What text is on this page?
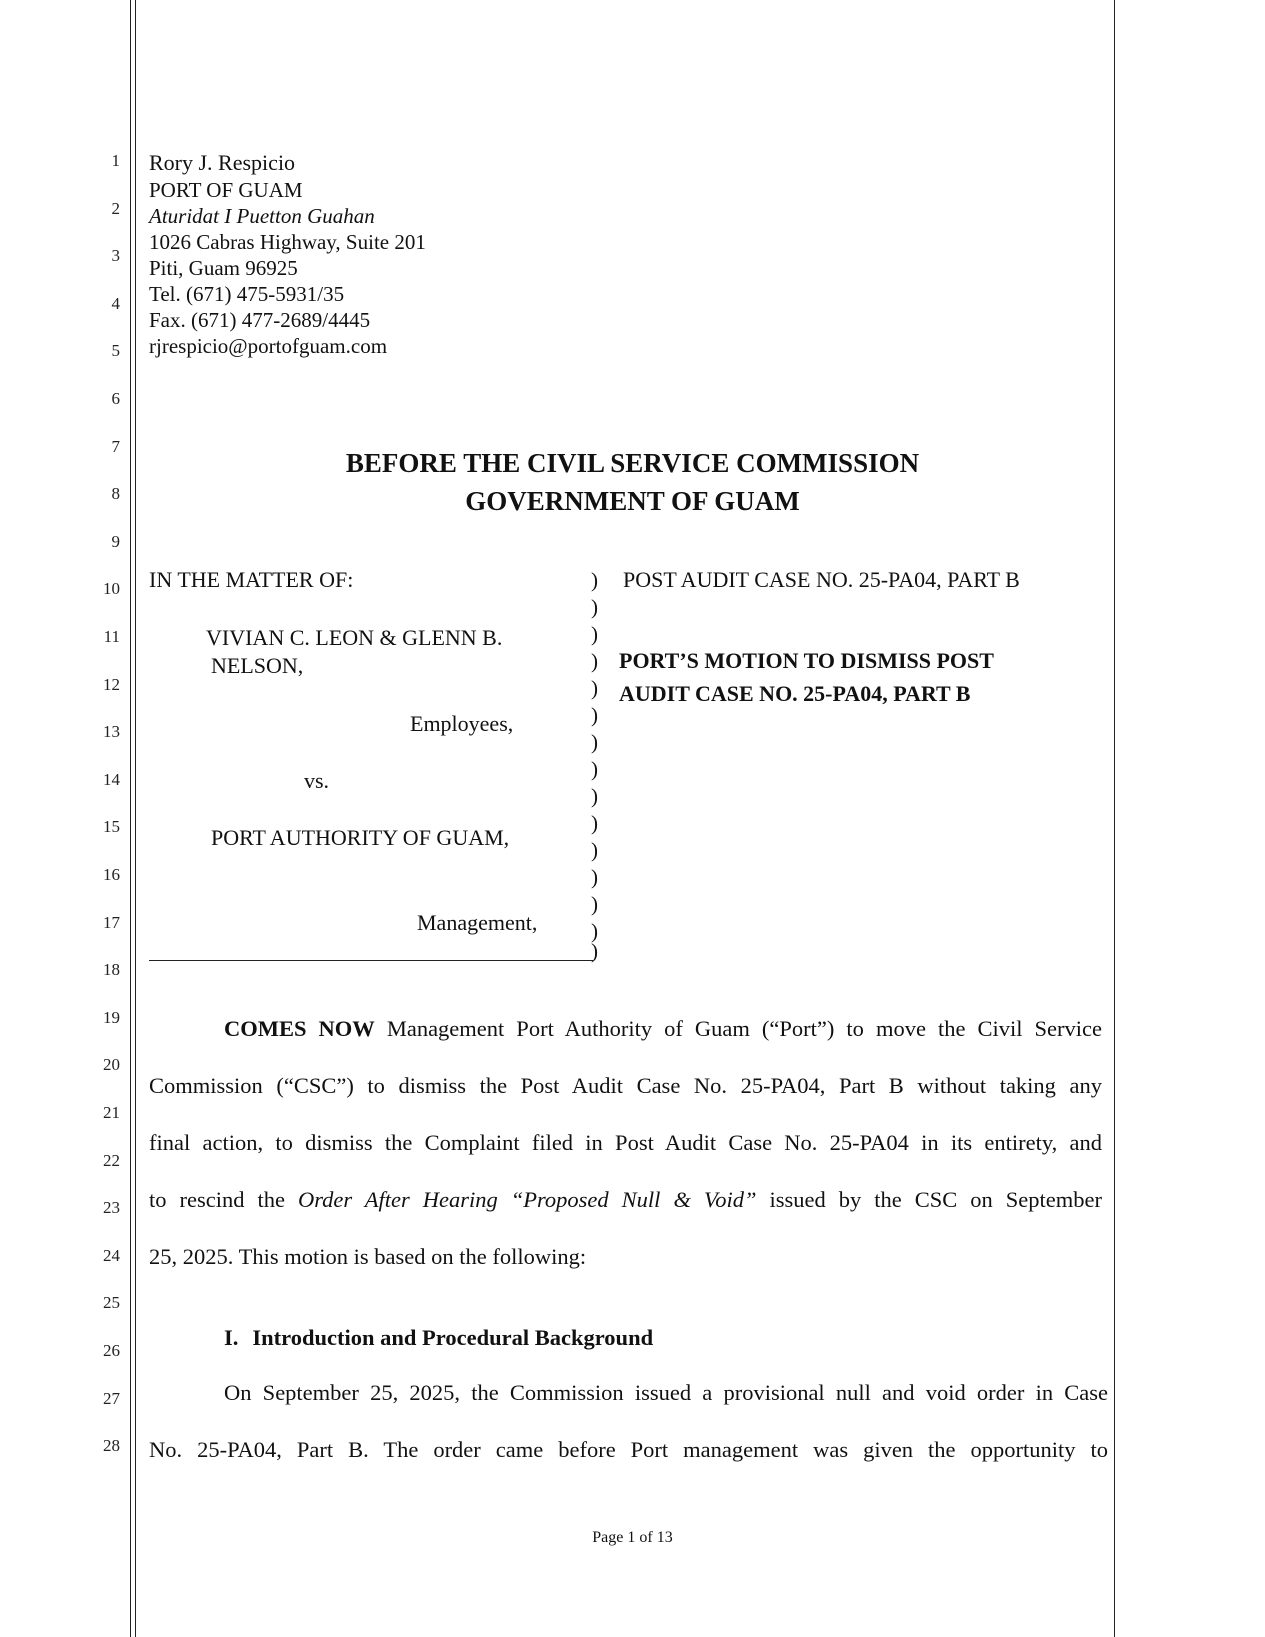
1
2
3
4
5
6
7
8
9
10
11
12
13
14
15
16
17
18
19
20
21
22
23
24
25
26
27
28
Rory J. Respicio
PORT OF GUAM
Aturidat I Puetton Guahan
1026 Cabras Highway, Suite 201
Piti, Guam 96925
Tel. (671) 475-5931/35
Fax. (671) 477-2689/4445
rjrespicio@portofguam.com
BEFORE THE CIVIL SERVICE COMMISSION
GOVERNMENT OF GUAM
IN THE MATTER OF:
VIVIAN C. LEON & GLENN B.
NELSON,
Employees,
vs.
PORT AUTHORITY OF GUAM,
Management,
)
)
)
)
)
)
)
)
)
)
)
)
)
)
)
POST AUDIT CASE NO. 25-PA04, PART B
PORT’S MOTION TO DISMISS POST
AUDIT CASE NO. 25-PA04, PART B
COMES NOW Management Port Authority of Guam (“Port”) to move the Civil Service
Commission (“CSC”) to dismiss the Post Audit Case No. 25-PA04, Part B without taking any
final action, to dismiss the Complaint filed in Post Audit Case No. 25-PA04 in its entirety, and
to rescind the Order After Hearing “Proposed Null & Void” issued by the CSC on September
25, 2025. This motion is based on the following:
I. Introduction and Procedural Background
On September 25, 2025, the Commission issued a provisional null and void order in Case
No. 25-PA04, Part B. The order came before Port management was given the opportunity to
Page 1 of 13
